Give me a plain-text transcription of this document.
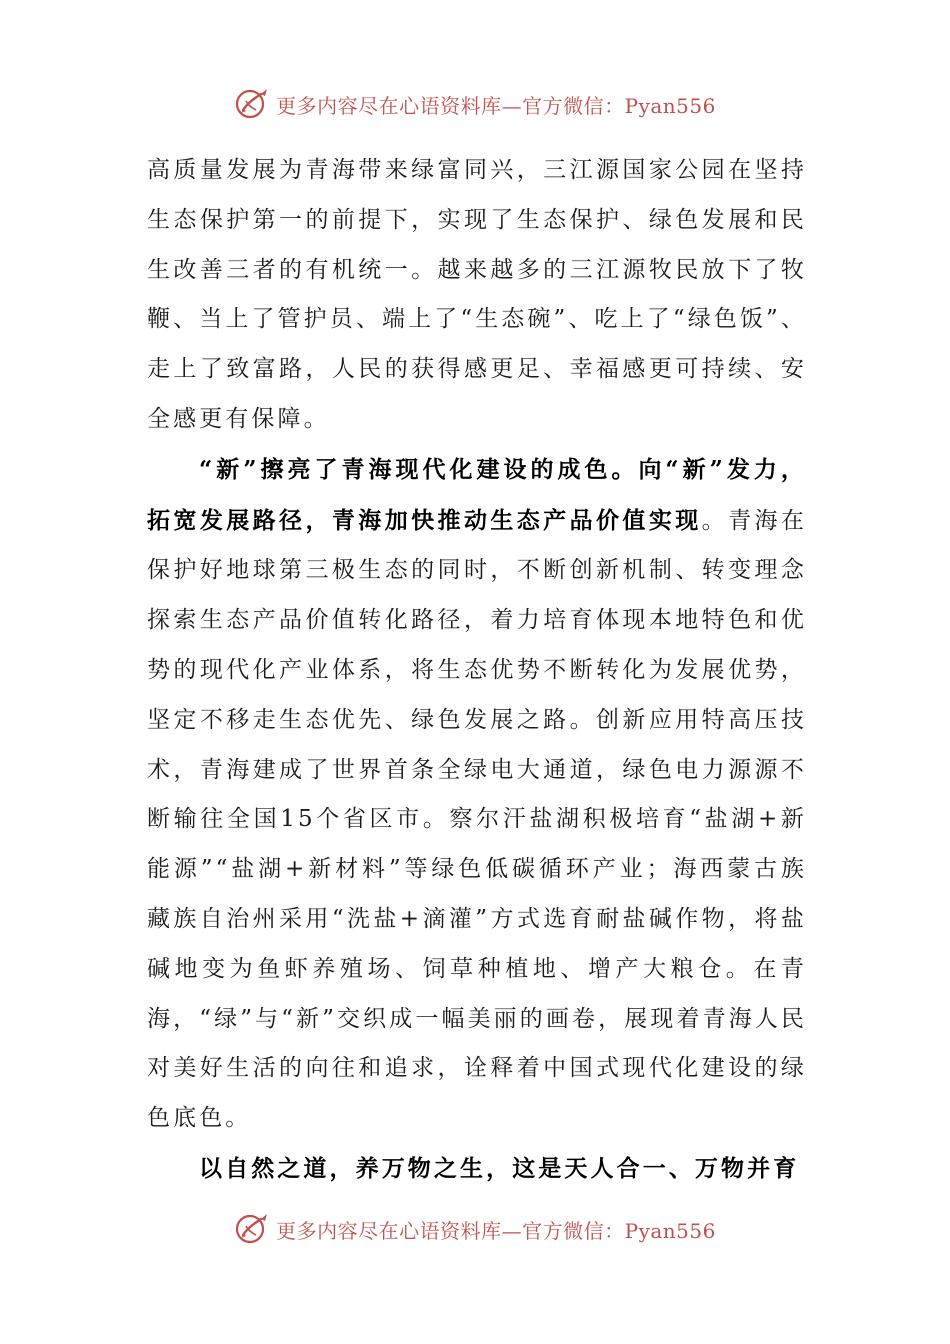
更多内容尽在心语资料库—官方微信：Pyan556

高质量发展为青海带来绿富同兴，三江源国家公园在坚持生态保护第一的前提下，实现了生态保护、绿色发展和民生改善三者的有机统一。越来越多的三江源牧民放下了牧鞭、当上了管护员、端上了“生态碗”、吃上了“绿色饭”、走上了致富路，人民的获得感更足、幸福感更可持续、安全感更有保障。

“新”擦亮了青海现代化建设的成色。向“新”发力，拓宽发展路径，青海加快推动生态产品价值实现。青海在保护好地球第三极生态的同时，不断创新机制、转变理念探索生态产品价值转化路径，着力培育体现本地特色和优势的现代化产业体系，将生态优势不断转化为发展优势，坚定不移走生态优先、绿色发展之路。创新应用特高压技术，青海建成了世界首条全绿电大通道，绿色电力源源不断输往全国15个省区市。察尔汗盐湖积极培育“盐湖+新能源”“盐湖+新材料”等绿色低碳循环产业；海西蒙古族藏族自治州采用“洗盐+滴灌”方式选育耐盐碱作物，将盐碱地变为鱼虾养殖场、饲草种植地、增产大粮仓。在青海，“绿”与“新”交织成一幅美丽的画卷，展现着青海人民对美好生活的向往和追求，诠释着中国式现代化建设的绿色底色。

以自然之道，养万物之生，这是天人合一、万物并育

更多内容尽在心语资料库—官方微信：Pyan556
